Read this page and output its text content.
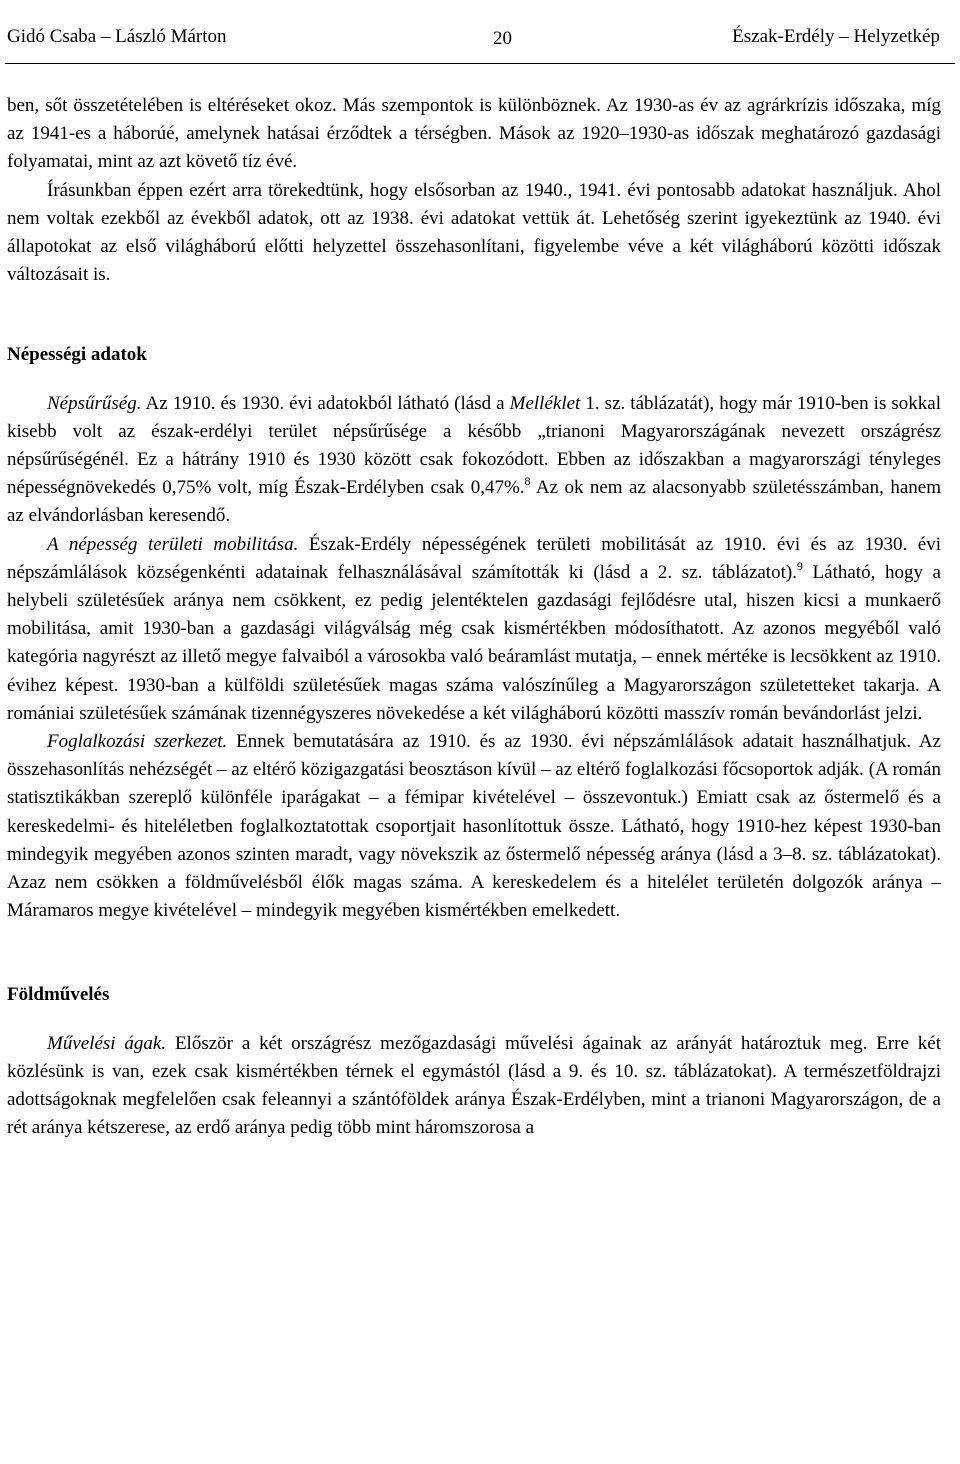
Gidó Csaba – László Márton	20	Észak-Erdély – Helyzetkép

ben, sőt összetételében is eltéréseket okoz. Más szempontok is különböznek. Az 1930-as év az agrárkrízis időszaka, míg az 1941-es a háborúé, amelynek hatásai érződtek a térségben. Mások az 1920–1930-as időszak meghatározó gazdasági folyamatai, mint az azt követő tíz évé.

Írásunkban éppen ezért arra törekedtünk, hogy elsősorban az 1940., 1941. évi pontosabb adatokat használjuk. Ahol nem voltak ezekből az évekből adatok, ott az 1938. évi adatokat vettük át. Lehetőség szerint igyekeztünk az 1940. évi állapotokat az első világháború előtti helyzettel összehasonlítani, figyelembe véve a két világháború közötti időszak változásait is.

Népességi adatok

Népsűrűség. Az 1910. és 1930. évi adatokból látható (lásd a Melléklet 1. sz. táblázatát), hogy már 1910-ben is sokkal kisebb volt az észak-erdélyi terület népsűrűsége a később „trianoni Magyarországának nevezett országrész népsűrűségénél. Ez a hátrány 1910 és 1930 között csak fokozódott. Ebben az időszakban a magyarországi tényleges népességnövekedés 0,75% volt, míg Észak-Erdélyben csak 0,47%.$^8$ Az ok nem az alacsonyabb születésszámban, hanem az elvándorlásban keresendő.

A népesség területi mobilitása. Észak-Erdély népességének területi mobilitását az 1910. évi és az 1930. évi népszámlálások községenkénti adatainak felhasználásával számították ki (lásd a 2. sz. táblázatot).$^9$ Látható, hogy a helybeli születésűek aránya nem csökkent, ez pedig jelentéktelen gazdasági fejlődésre utal, hiszen kicsi a munkaerő mobilitása, amit 1930-ban a gazdasági világválság még csak kismértékben módosíthatott. Az azonos megyéből való kategória nagyrészt az illető megye falvaiból a városokba való beáramlást mutatja, – ennek mértéke is lecsökkent az 1910. évihez képest. 1930-ban a külföldi születésűek magas száma valószínűleg a Magyarországon születetteket takarja. A romániai születésűek számának tizennégyszeres növekedése a két világháború közötti masszív román bevándorlást jelzi.

Foglalkozási szerkezet. Ennek bemutatására az 1910. és az 1930. évi népszámlálások adatait használhatjuk. Az összehasonlítás nehézségét – az eltérő közigazgatási beosztáson kívül – az eltérő foglalkozási főcsoportok adják. (A román statisztikákban szereplő különféle iparágakat – a fémipar kivételével – összevontuk.) Emiatt csak az őstermelő és a kereskedelmi- és hiteléletben foglalkoztatottak csoportjait hasonlítottuk össze. Látható, hogy 1910-hez képest 1930-ban mindegyik megyében azonos szinten maradt, vagy növekszik az őstermelő népesség aránya (lásd a 3–8. sz. táblázatokat). Azaz nem csökken a földművelésből élők magas száma. A kereskedelem és a hitelélet területén dolgozók aránya – Máramaros megye kivételével – mindegyik megyében kismértékben emelkedett.

Földművelés

Művelési ágak. Először a két országrész mezőgazdasági művelési ágainak az arányát határoztuk meg. Erre két közlésünk is van, ezek csak kismértékben térnek el egymástól (lásd a 9. és 10. sz. táblázatokat). A természetföldrajzi adottságoknak megfelelően csak feleannyi a szántóföldek aránya Észak-Erdélyben, mint a trianoni Magyarországon, de a rét aránya kétszerese, az erdő aránya pedig több mint háromszorosa a
